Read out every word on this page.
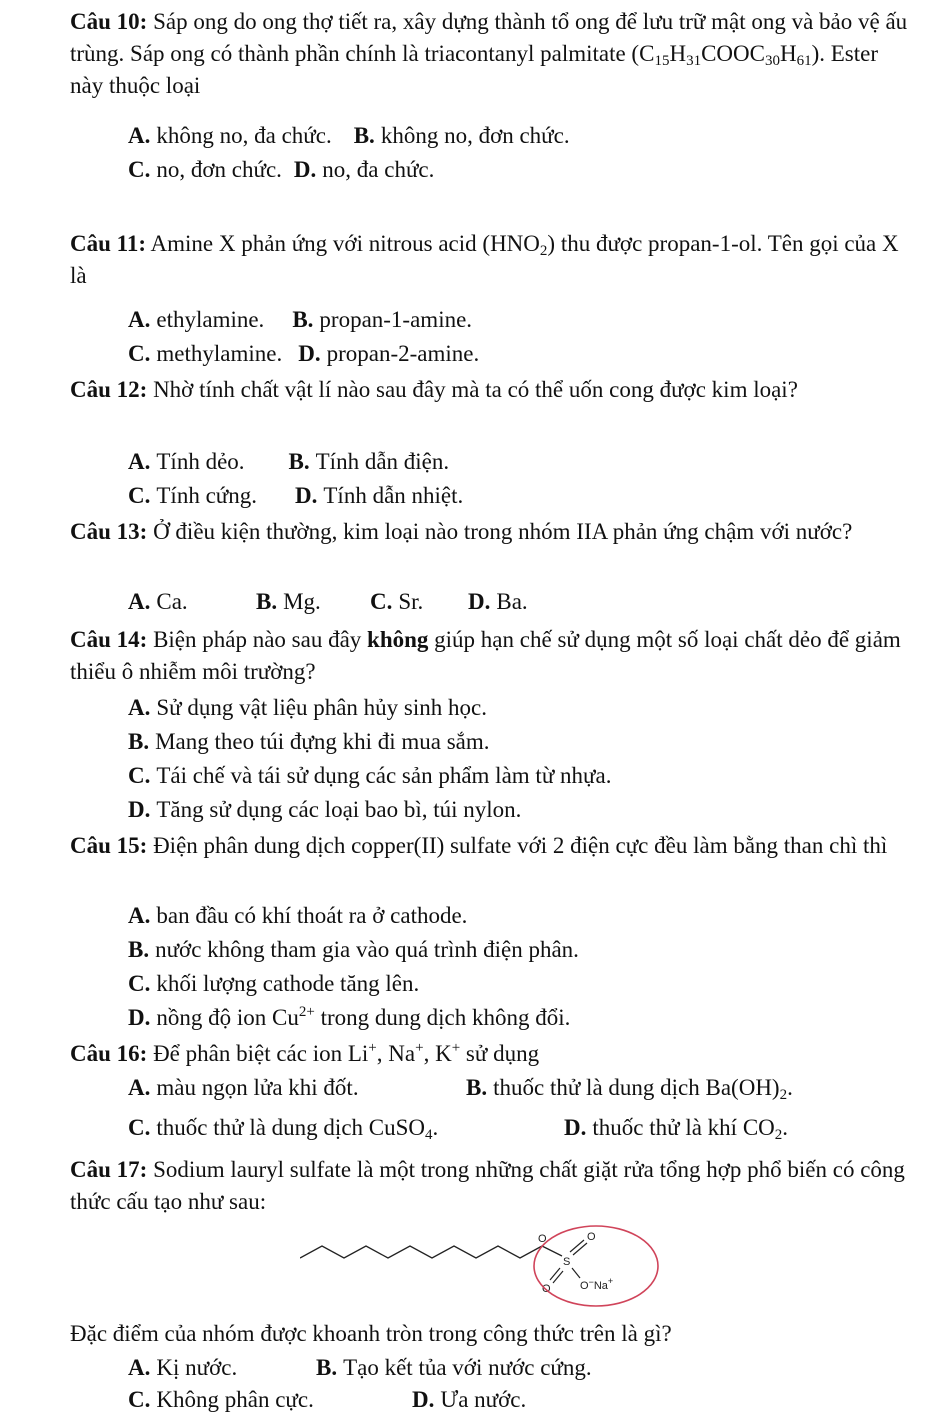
Câu 10: Sáp ong do ong thợ tiết ra, xây dựng thành tổ ong để lưu trữ mật ong và bảo vệ ấu trùng. Sáp ong có thành phần chính là triacontanyl palmitate $(C_{15}H_{31}COOC_{30}H_{61})$. Ester này thuộc loại

A. không no, đa chức. B. không no, đơn chức.

C. no, đơn chức. D. no, đa chức.

Câu 11: Amine X phản ứng với nitrous acid $(HNO_2)$ thu được propan-1-ol. Tên gọi của X là

A. ethylamine. B. propan-1-amine.

C. methylamine. D. propan-2-amine.

Câu 12: Nhờ tính chất vật lí nào sau đây mà ta có thể uốn cong được kim loại?

A. Tính dẻo. B. Tính dẫn điện.

C. Tính cứng. D. Tính dẫn nhiệt.

Câu 13: Ở điều kiện thường, kim loại nào trong nhóm IIA phản ứng chậm với nước?

A. Ca.	B. Mg. C. Sr. D. Ba.

Câu 14: Biện pháp nào sau đây không giúp hạn chế sử dụng một số loại chất dẻo để giảm thiểu ô nhiễm môi trường?

A. Sử dụng vật liệu phân hủy sinh học.

B. Mang theo túi đựng khi đi mua sắm.

C. Tái chế và tái sử dụng các sản phẩm làm từ nhựa.

D. Tăng sử dụng các loại bao bì, túi nylon.

Câu 15: Điện phân dung dịch copper(II) sulfate với 2 điện cực đều làm bằng than chì thì

A. ban đầu có khí thoát ra ở cathode.

B. nước không tham gia vào quá trình điện phân.

C. khối lượng cathode tăng lên.

D. nồng độ ion $Cu^{2+}$ trong dung dịch không đổi.

Câu 16: Để phân biệt các ion Li+, Na+, K+ sử dụng

A. màu ngọn lửa khi đốt.	B. thuốc thử là dung dịch $Ba(OH)_2$.

C. thuốc thử là dung dịch CuSO$_4$.	D. thuốc thử là khí $CO_2$.

Câu 17: Sodium lauryl sulfate là một trong những chất giặt rửa tổng hợp phổ biến có công thức cấu tạo như sau:

O	O
S
O	O−Na+

Đặc điểm của nhóm được khoanh tròn trong công thức trên là gì?

A. Kị nước.	B. Tạo kết tủa với nước cứng.

C. Không phân cực.	D. Ưa nước.
